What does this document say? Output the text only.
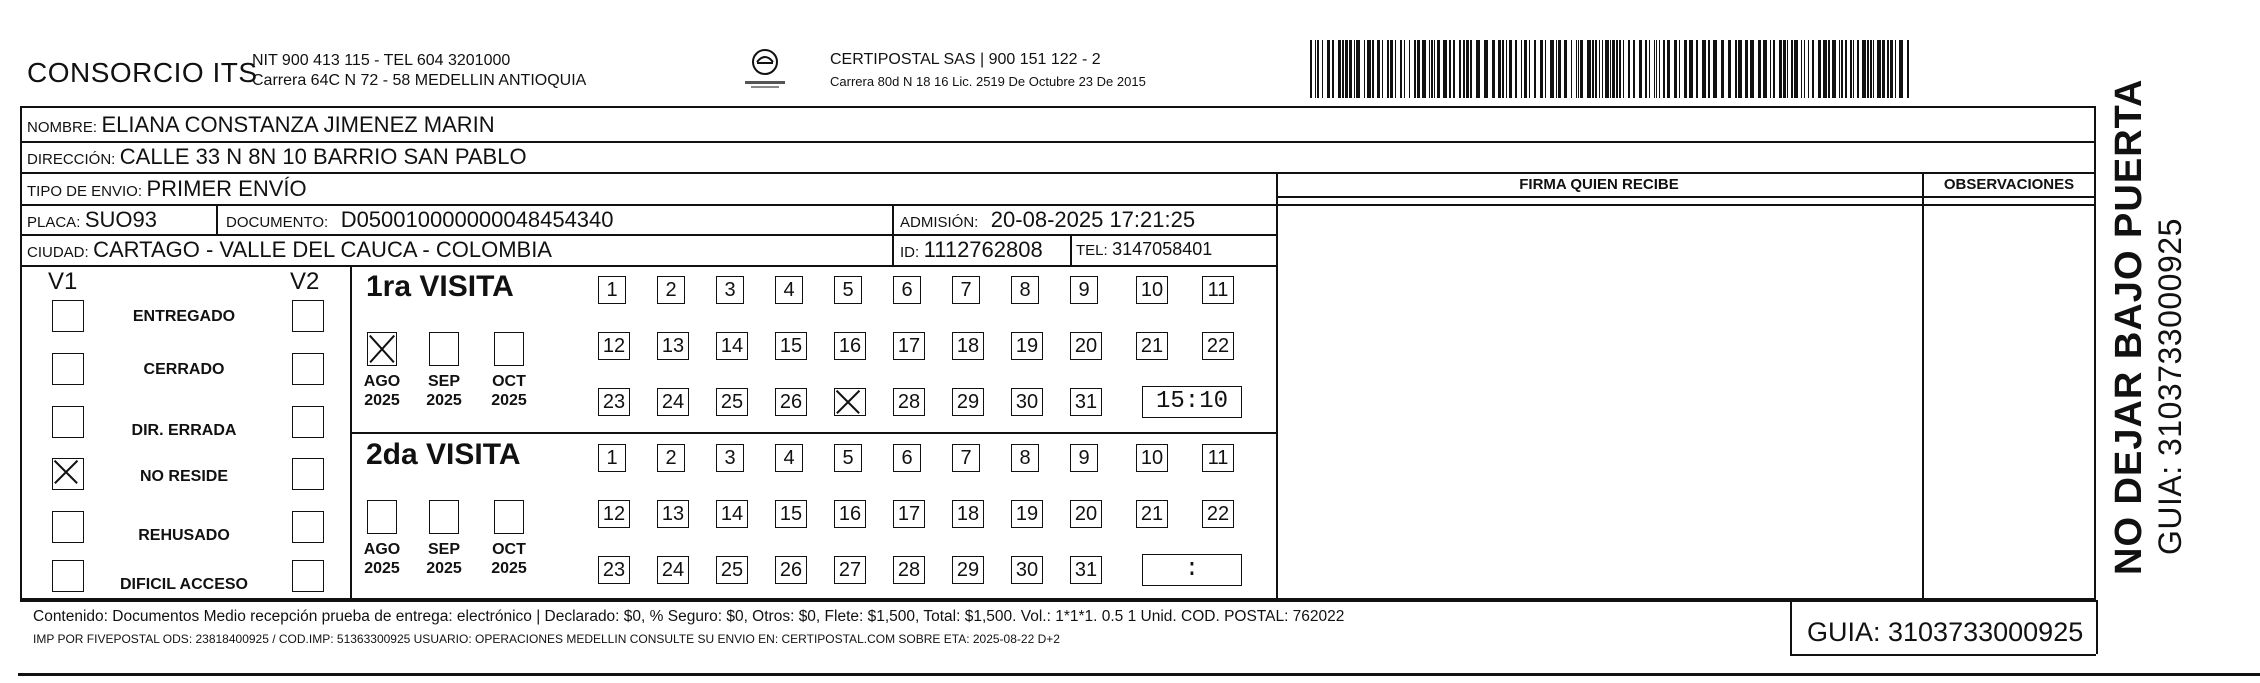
CONSORCIO ITS
NIT 900 413 115 - TEL 604 3201000
Carrera 64C N 72 - 58 MEDELLIN ANTIOQUIA
CERTIPOSTAL SAS | 900 151 122 - 2
Carrera 80d N 18 16 Lic. 2519 De Octubre 23 De 2015
NOMBRE: ELIANA CONSTANZA JIMENEZ MARIN
DIRECCIÓN: CALLE 33 N 8N 10 BARRIO SAN PABLO
TIPO DE ENVIO: PRIMER ENVÍO	FIRMA QUIEN RECIBE	OBSERVACIONES
PLACA: SUO93	DOCUMENTO: D050010000000048454340	ADMISIÓN: 20-08-2025 17:21:25
CIUDAD: CARTAGO - VALLE DEL CAUCA - COLOMBIA	ID: 1112762808 TEL: 3147058401
V1	V2
ENTREGADO
CERRADO
DIR. ERRADA
NO RESIDE
REHUSADO
DIFICIL ACCESO
1ra VISITA
AGO
2025
SEP
2025
OCT
2025
1	2	3	4	5	6	7	8	9	10 11
12 13 14 15 16 17 18 19 20 21 22
23 24 25 26	28 29 30 31	15:10
2da VISITA
AGO
2025
SEP
2025
OCT
2025
1	2	3	4	5	6	7	8	9	10 11
12 13 14 15 16 17 18 19 20 21 22
23 24 25 26 27 28 29 30 31	:
Contenido: Documentos Medio recepción prueba de entrega: electrónico | Declarado: $0, % Seguro: $0, Otros: $0, Flete: $1,500, Total: $1,500. Vol.: 1*1*1. 0.5 1 Unid. COD. POSTAL: 762022
IMP POR FIVEPOSTAL ODS: 23818400925 / COD.IMP: 51363300925 USUARIO: OPERACIONES MEDELLIN CONSULTE SU ENVIO EN: CERTIPOSTAL.COM SOBRE ETA: 2025-08-22 D+2	GUIA: 3103733000925
NO DEJAR BAJO PUERTA GUIA: 3103733000925
